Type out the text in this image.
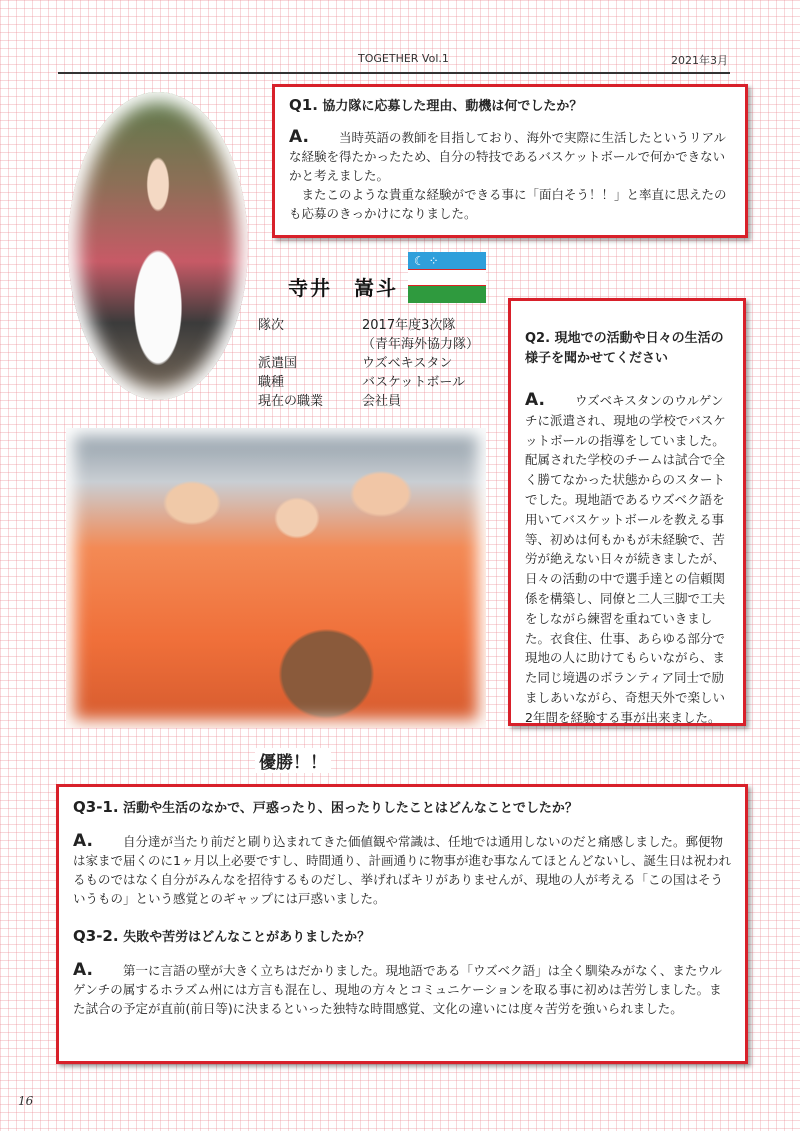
TOGETHER Vol.1	2021年3月
Q1. 協力隊に応募した理由、動機は何でしたか？
A. 当時英語の教師を目指しており、海外で実際に生活したというリアルな経験を得たかったため、自分の特技であるバスケットボールで何かできないかと考えました。
またこのような貴重な経験ができる事に「面白そう！！」と率直に思えたのも応募のきっかけになりました。
☾ ⁘
寺井　嵩斗
隊次	2017年度3次隊
（青年海外協力隊）
派遣国	ウズベキスタン
職種	バスケットボール
現在の職業	会社員
Q2. 現地での活動や日々の生活の様子を聞かせてください
A. ウズベキスタンのウルゲンチに派遣され、現地の学校でバスケットボールの指導をしていました。配属された学校のチームは試合で全く勝てなかった状態からのスタートでした。現地語であるウズベク語を用いてバスケットボールを教える事等、初めは何もかもが未経験で、苦労が絶えない日々が続きましたが、日々の活動の中で選手達との信頼関係を構築し、同僚と二人三脚で工夫をしながら練習を重ねていきました。衣食住、仕事、あらゆる部分で現地の人に助けてもらいながら、また同じ境遇のボランティア同士で励ましあいながら、奇想天外で楽しい2年間を経験する事が出来ました。
優勝！！
Q3-1. 活動や生活のなかで、戸惑ったり、困ったりしたことはどんなことでしたか？
A. 自分達が当たり前だと刷り込まれてきた価値観や常識は、任地では通用しないのだと痛感しました。郵便物は家まで届くのに1ヶ月以上必要ですし、時間通り、計画通りに物事が進む事なんてほとんどないし、誕生日は祝われるものではなく自分がみんなを招待するものだし、挙げればキリがありませんが、現地の人が考える「この国はそういうもの」という感覚とのギャップには戸惑いました。
Q3-2. 失敗や苦労はどんなことがありましたか？
A. 第一に言語の壁が大きく立ちはだかりました。現地語である「ウズベク語」は全く馴染みがなく、またウルゲンチの属するホラズム州には方言も混在し、現地の方々とコミュニケーションを取る事に初めは苦労しました。また試合の予定が直前(前日等)に決まるといった独特な時間感覚、文化の違いには度々苦労を強いられました。
16
